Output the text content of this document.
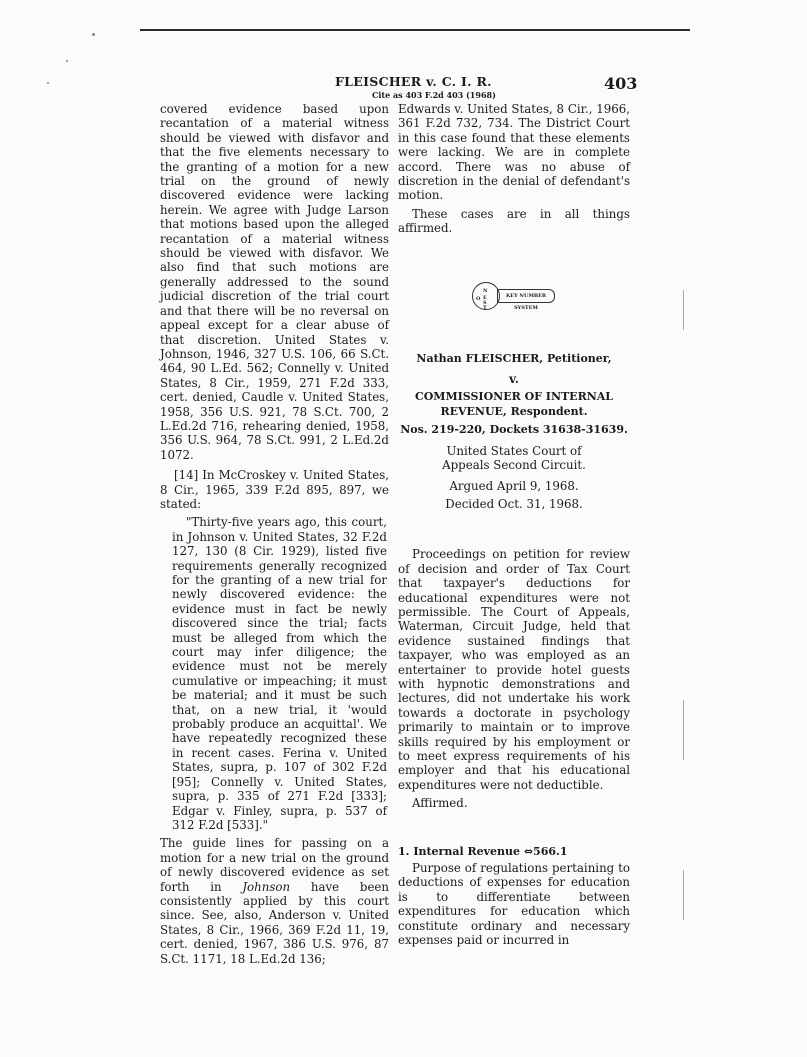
FLEISCHER v. C. I. R.
Cite as 403 F.2d 403 (1968)
403

covered evidence based upon recantation of a material witness should be viewed with disfavor and that the five elements necessary to the granting of a motion for a new trial on the ground of newly discovered evidence were lacking herein. We agree with Judge Larson that motions based upon the alleged recantation of a material witness should be viewed with disfavor. We also find that such motions are generally addressed to the sound judicial discretion of the trial court and that there will be no reversal on appeal except for a clear abuse of that discretion. United States v. Johnson, 1946, 327 U.S. 106, 66 S.Ct. 464, 90 L.Ed. 562; Connelly v. United States, 8 Cir., 1959, 271 F.2d 333, cert. denied, Caudle v. United States, 1958, 356 U.S. 921, 78 S.Ct. 700, 2 L.Ed.2d 716, rehearing denied, 1958, 356 U.S. 964, 78 S.Ct. 991, 2 L.Ed.2d 1072.

[14] In McCroskey v. United States, 8 Cir., 1965, 339 F.2d 895, 897, we stated:

"Thirty-five years ago, this court, in Johnson v. United States, 32 F.2d 127, 130 (8 Cir. 1929), listed five requirements generally recognized for the granting of a new trial for newly discovered evidence: the evidence must in fact be newly discovered since the trial; facts must be alleged from which the court may infer diligence; the evidence must not be merely cumulative or impeaching; it must be material; and it must be such that, on a new trial, it 'would probably produce an acquittal'. We have repeatedly recognized these in recent cases. Ferina v. United States, supra, p. 107 of 302 F.2d [95]; Connelly v. United States, supra, p. 335 of 271 F.2d [333]; Edgar v. Finley, supra, p. 537 of 312 F.2d [533]."

The guide lines for passing on a motion for a new trial on the ground of newly discovered evidence as set forth in Johnson have been consistently applied by this court since. See, also, Anderson v. United States, 8 Cir., 1966, 369 F.2d 11, 19, cert. denied, 1967, 386 U.S. 976, 87 S.Ct. 1171, 18 L.Ed.2d 136;

Edwards v. United States, 8 Cir., 1966, 361 F.2d 732, 734. The District Court in this case found that these elements were lacking. We are in complete accord. There was no abuse of discretion in the denial of defendant's motion.

These cases are in all things affirmed.

N
O E
S
T
KEY NUMBER SYSTEM

Nathan FLEISCHER, Petitioner,

v.

COMMISSIONER OF INTERNAL REVENUE, Respondent.

Nos. 219-220, Dockets 31638-31639.

United States Court of Appeals Second Circuit.

Argued April 9, 1968.

Decided Oct. 31, 1968.

Proceedings on petition for review of decision and order of Tax Court that taxpayer's deductions for educational expenditures were not permissible. The Court of Appeals, Waterman, Circuit Judge, held that evidence sustained findings that taxpayer, who was employed as an entertainer to provide hotel guests with hypnotic demonstrations and lectures, did not undertake his work towards a doctorate in psychology primarily to maintain or to improve skills required by his employment or to meet express requirements of his employer and that his educational expenditures were not deductible.

Affirmed.

1. Internal Revenue ⇔566.1

Purpose of regulations pertaining to deductions of expenses for education is to differentiate between expenditures for education which constitute ordinary and necessary expenses paid or incurred in
